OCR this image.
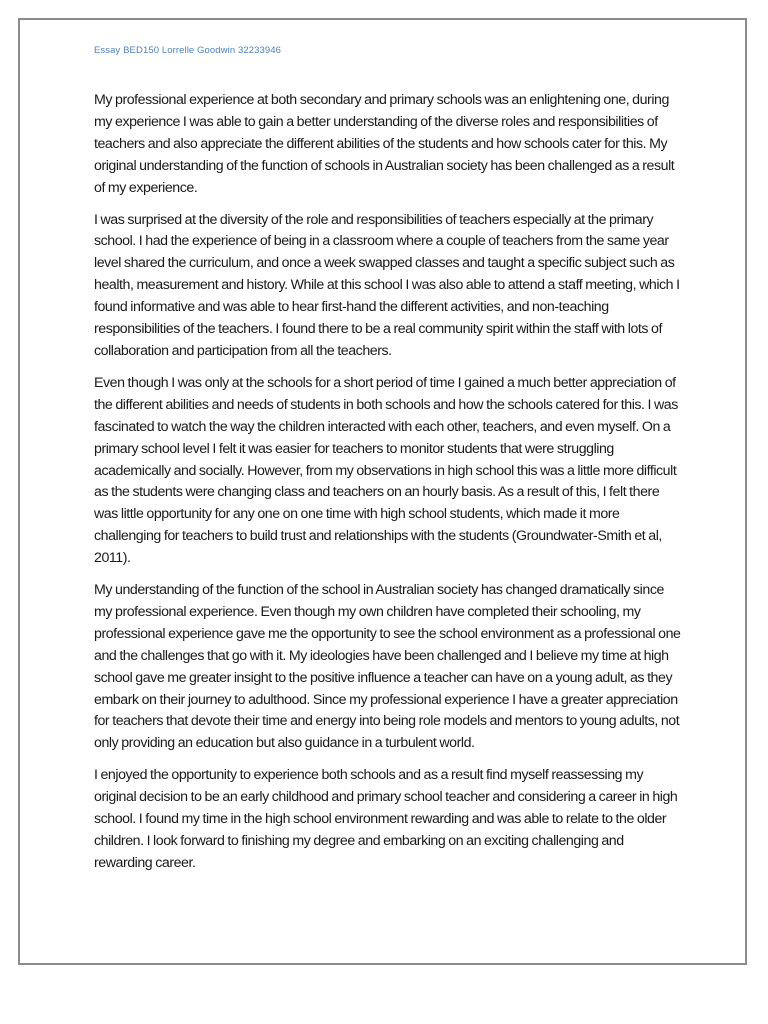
Essay BED150 Lorrelle Goodwin 32233946

My professional experience at both secondary and primary schools was an enlightening one, during my experience I was able to gain a better understanding of the diverse roles and responsibilities of teachers and also appreciate the different abilities of the students and how schools cater for this. My original understanding of the function of schools in Australian society has been challenged as a result of my experience.

I was surprised at the diversity of the role and responsibilities of teachers especially at the primary school. I had the experience of being in a classroom where a couple of teachers from the same year level shared the curriculum, and once a week swapped classes and taught a specific subject such as health, measurement and history. While at this school I was also able to attend a staff meeting, which I found informative and was able to hear first-hand the different activities, and non-teaching responsibilities of the teachers. I found there to be a real community spirit within the staff with lots of collaboration and participation from all the teachers.

Even though I was only at the schools for a short period of time I gained a much better appreciation of the different abilities and needs of students in both schools and how the schools catered for this. I was fascinated to watch the way the children interacted with each other, teachers, and even myself. On a primary school level I felt it was easier for teachers to monitor students that were struggling academically and socially. However, from my observations in high school this was a little more difficult as the students were changing class and teachers on an hourly basis. As a result of this, I felt there was little opportunity for any one on one time with high school students, which made it more challenging for teachers to build trust and relationships with the students (Groundwater-Smith et al, 2011).

My understanding of the function of the school in Australian society has changed dramatically since my professional experience. Even though my own children have completed their schooling, my professional experience gave me the opportunity to see the school environment as a professional one and the challenges that go with it. My ideologies have been challenged and I believe my time at high school gave me greater insight to the positive influence a teacher can have on a young adult, as they embark on their journey to adulthood. Since my professional experience I have a greater appreciation for teachers that devote their time and energy into being role models and mentors to young adults, not only providing an education but also guidance in a turbulent world.

I enjoyed the opportunity to experience both schools and as a result find myself reassessing my original decision to be an early childhood and primary school teacher and considering a career in high school. I found my time in the high school environment rewarding and was able to relate to the older children. I look forward to finishing my degree and embarking on an exciting challenging and rewarding career.
